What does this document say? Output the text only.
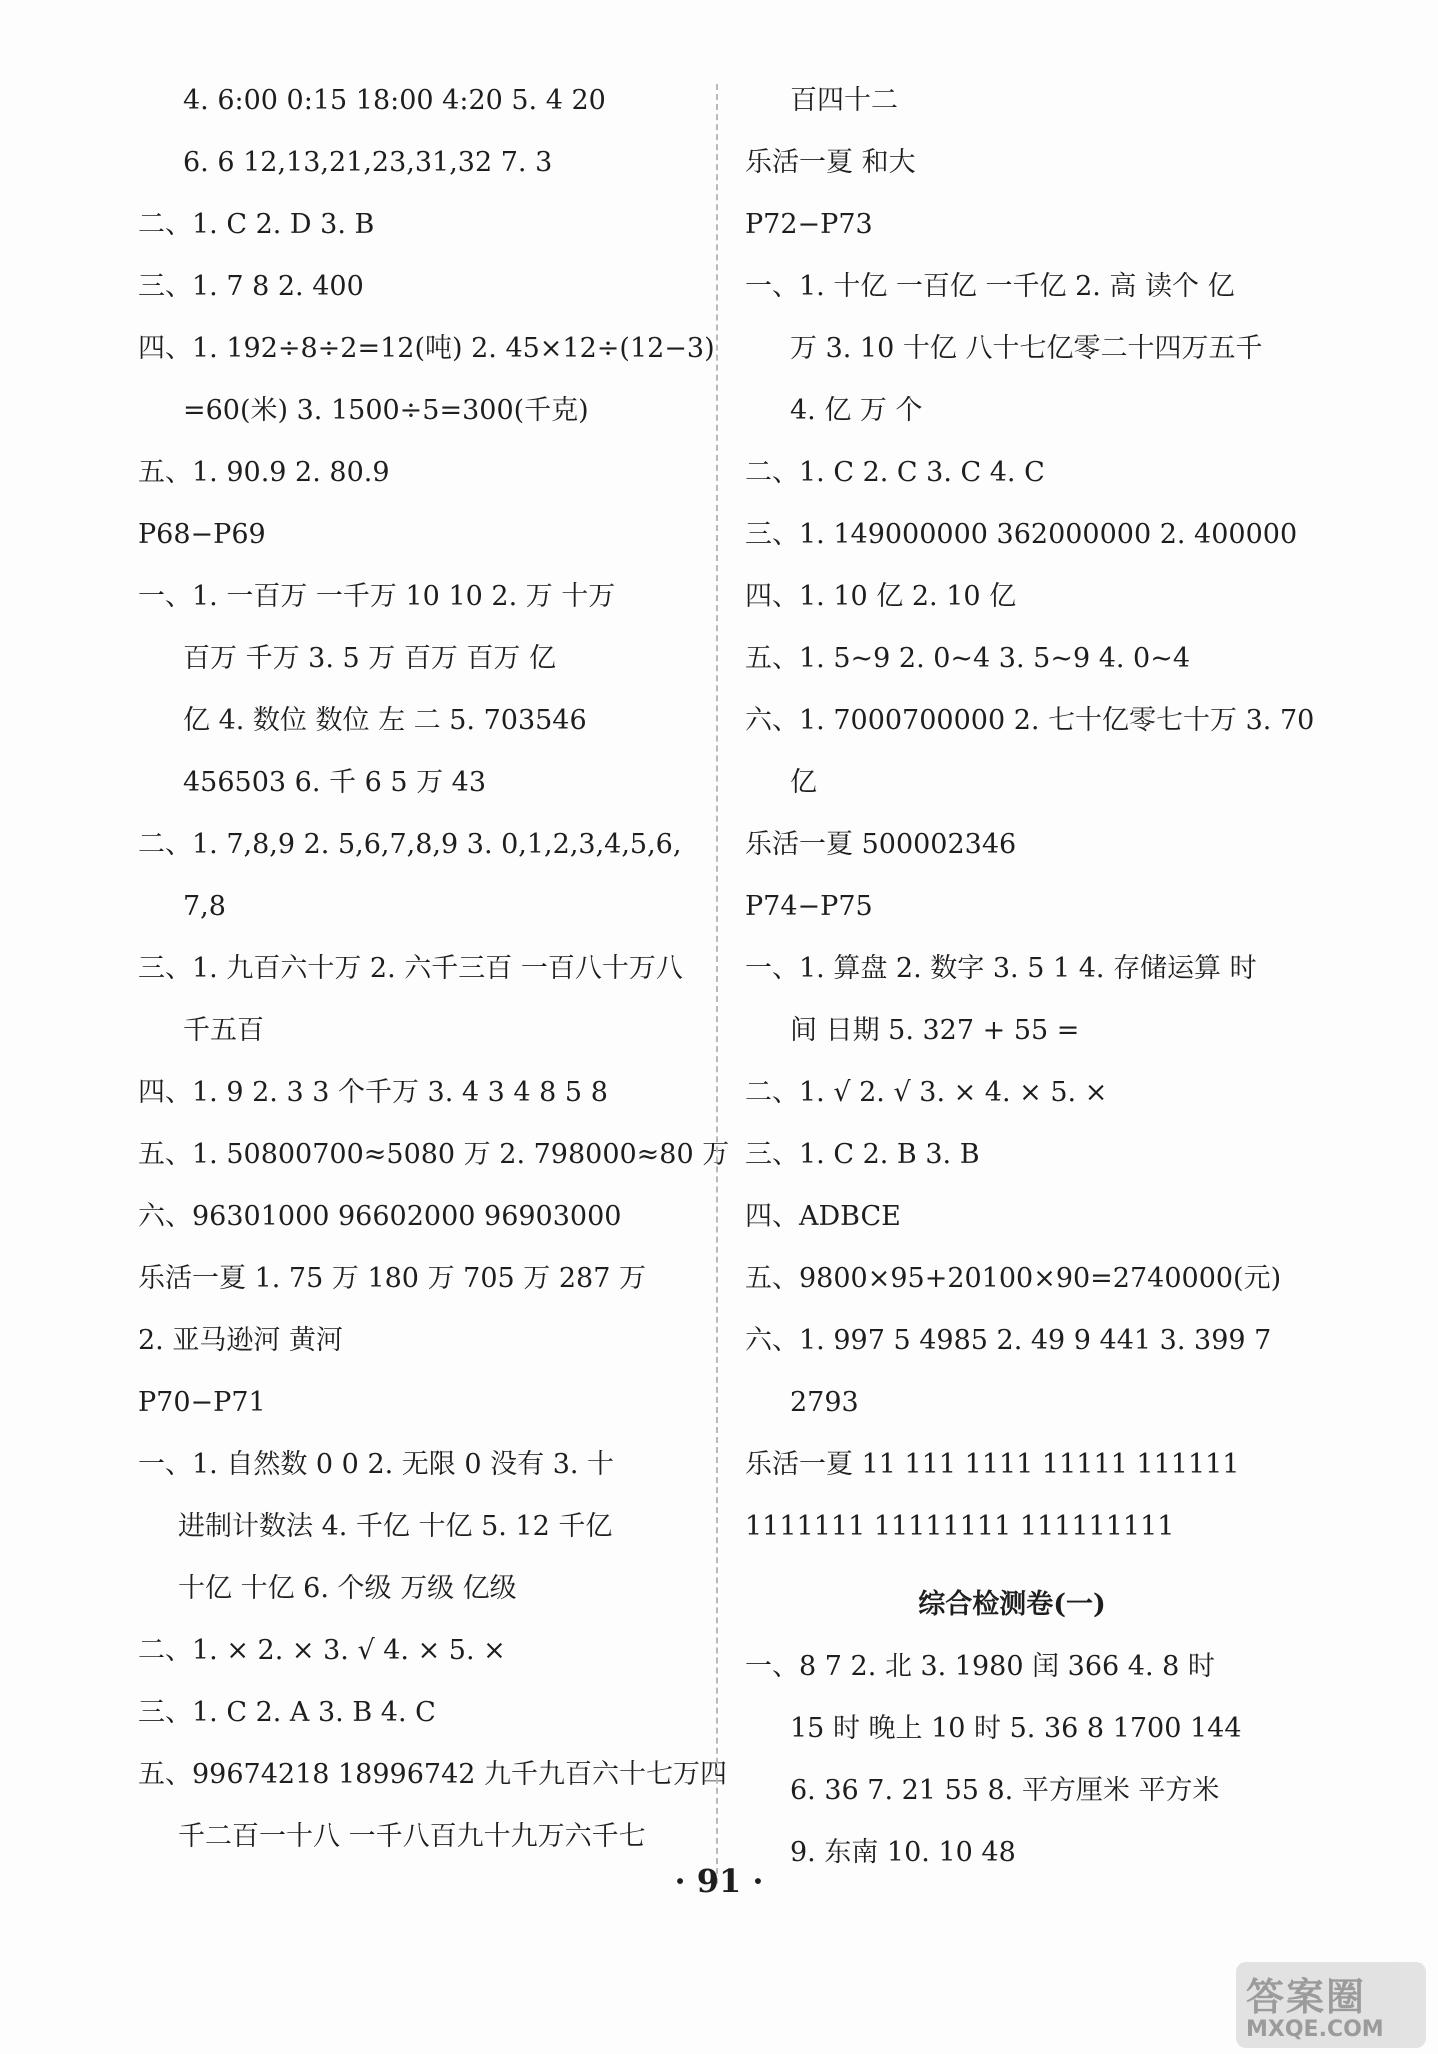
4. 6:00 0:15 18:00 4:20 5. 4 20
6. 6 12,13,21,23,31,32 7. 3
二、1. C 2. D 3. B
三、1. 7 8 2. 400
四、1. 192÷8÷2=12(吨) 2. 45×12÷(12−3)
=60(米) 3. 1500÷5=300(千克)
五、1. 90.9 2. 80.9
P68−P69
一、1. 一百万 一千万 10 10 2. 万 十万
百万 千万 3. 5 万 百万 百万 亿
亿 4. 数位 数位 左 二 5. 703546
456503 6. 千 6 5 万 43
二、1. 7,8,9 2. 5,6,7,8,9 3. 0,1,2,3,4,5,6,
7,8
三、1. 九百六十万 2. 六千三百 一百八十万八
千五百
四、1. 9 2. 3 3 个千万 3. 4 3 4 8 5 8
五、1. 50800700≈5080 万 2. 798000≈80 万
六、96301000 96602000 96903000
乐活一夏 1. 75 万 180 万 705 万 287 万
2. 亚马逊河 黄河
P70−P71
一、1. 自然数 0 0 2. 无限 0 没有 3. 十
进制计数法 4. 千亿 十亿 5. 12 千亿
十亿 十亿 6. 个级 万级 亿级
二、1. × 2. × 3. √ 4. × 5. ×
三、1. C 2. A 3. B 4. C
五、99674218 18996742 九千九百六十七万四
千二百一十八 一千八百九十九万六千七
百四十二
乐活一夏 和大
P72−P73
一、1. 十亿 一百亿 一千亿 2. 高 读个 亿
万 3. 10 十亿 八十七亿零二十四万五千
4. 亿 万 个
二、1. C 2. C 3. C 4. C
三、1. 149000000 362000000 2. 400000
四、1. 10 亿 2. 10 亿
五、1. 5~9 2. 0~4 3. 5~9 4. 0~4
六、1. 7000700000 2. 七十亿零七十万 3. 70
亿
乐活一夏 500002346
P74−P75
一、1. 算盘 2. 数字 3. 5 1 4. 存储运算 时
间 日期 5. 327 + 55 =
二、1. √ 2. √ 3. × 4. × 5. ×
三、1. C 2. B 3. B
四、ADBCE
五、9800×95+20100×90=2740000(元)
六、1. 997 5 4985 2. 49 9 441 3. 399 7
2793
乐活一夏 11 111 1111 11111 111111
1111111 11111111 111111111
一、8 7 2. 北 3. 1980 闰 366 4. 8 时
15 时 晚上 10 时 5. 36 8 1700 144
6. 36 7. 21 55 8. 平方厘米 平方米
9. 东南 10. 10 48
综合检测卷(一)
· 91 ·
答案圈
MXQE.COM
